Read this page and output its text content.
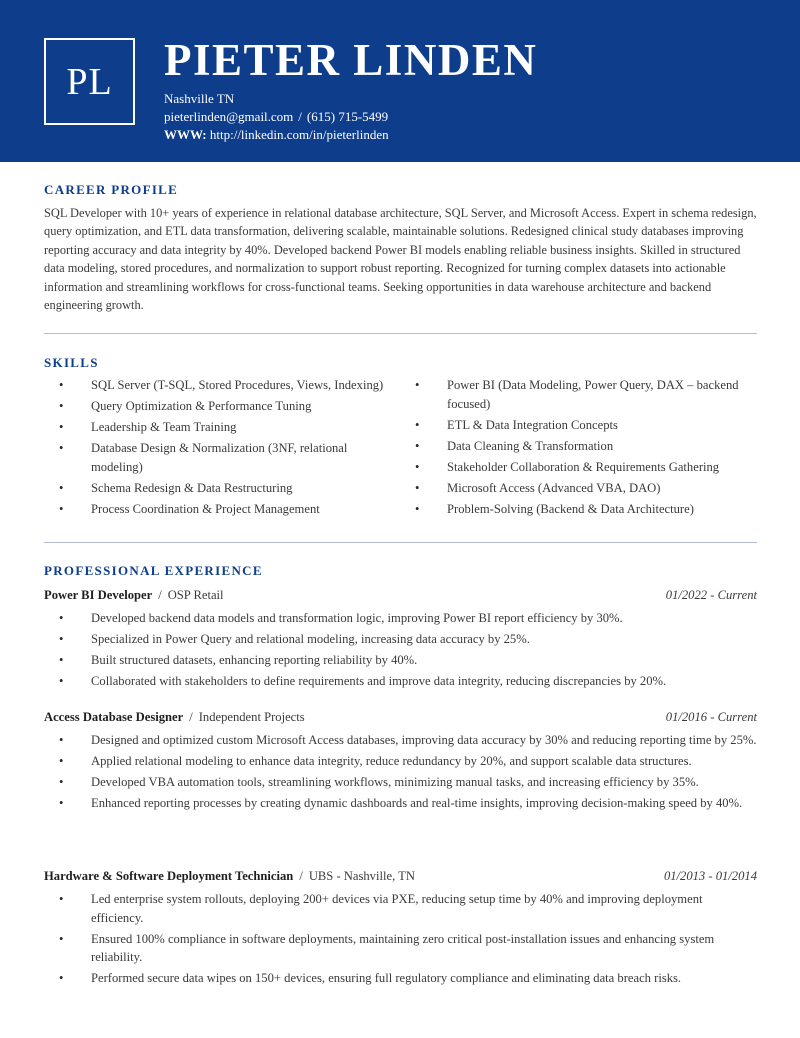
PL	PIETER LINDEN
Nashville TN
pieterlinden@gmail.com / (615) 715-5499
WWW: http://linkedin.com/in/pieterlinden
CAREER PROFILE
SQL Developer with 10+ years of experience in relational database architecture, SQL Server, and Microsoft Access. Expert in schema redesign, query optimization, and ETL data transformation, delivering scalable, maintainable solutions. Redesigned clinical study databases improving reporting accuracy and data integrity by 40%. Developed backend Power BI models enabling reliable business insights. Skilled in structured data modeling, stored procedures, and normalization to support robust reporting. Recognized for turning complex datasets into actionable information and streamlining workflows for cross-functional teams. Seeking opportunities in data warehouse architecture and backend engineering growth.
SKILLS
• SQL Server (T-SQL, Stored Procedures, Views, Indexing)
• Query Optimization & Performance Tuning
• Leadership & Team Training
• Database Design & Normalization (3NF, relational modeling)
• Schema Redesign & Data Restructuring
• Process Coordination & Project Management
• Power BI (Data Modeling, Power Query, DAX – backend focused)
• ETL & Data Integration Concepts
• Data Cleaning & Transformation
• Stakeholder Collaboration & Requirements Gathering
• Microsoft Access (Advanced VBA, DAO)
• Problem-Solving (Backend & Data Architecture)
PROFESSIONAL EXPERIENCE
Power BI Developer / OSP Retail	01/2022 - Current
• Developed backend data models and transformation logic, improving Power BI report efficiency by 30%.
• Specialized in Power Query and relational modeling, increasing data accuracy by 25%.
• Built structured datasets, enhancing reporting reliability by 40%.
• Collaborated with stakeholders to define requirements and improve data integrity, reducing discrepancies by 20%.
Access Database Designer / Independent Projects	01/2016 - Current
• Designed and optimized custom Microsoft Access databases, improving data accuracy by 30% and reducing reporting time by 25%.
• Applied relational modeling to enhance data integrity, reduce redundancy by 20%, and support scalable data structures.
• Developed VBA automation tools, streamlining workflows, minimizing manual tasks, and increasing efficiency by 35%.
• Enhanced reporting processes by creating dynamic dashboards and real-time insights, improving decision-making speed by 40%.
Hardware & Software Deployment Technician / UBS - Nashville, TN	01/2013 - 01/2014
• Led enterprise system rollouts, deploying 200+ devices via PXE, reducing setup time by 40% and improving deployment efficiency.
• Ensured 100% compliance in software deployments, maintaining zero critical post-installation issues and enhancing system reliability.
• Performed secure data wipes on 150+ devices, ensuring full regulatory compliance and eliminating data breach risks.
